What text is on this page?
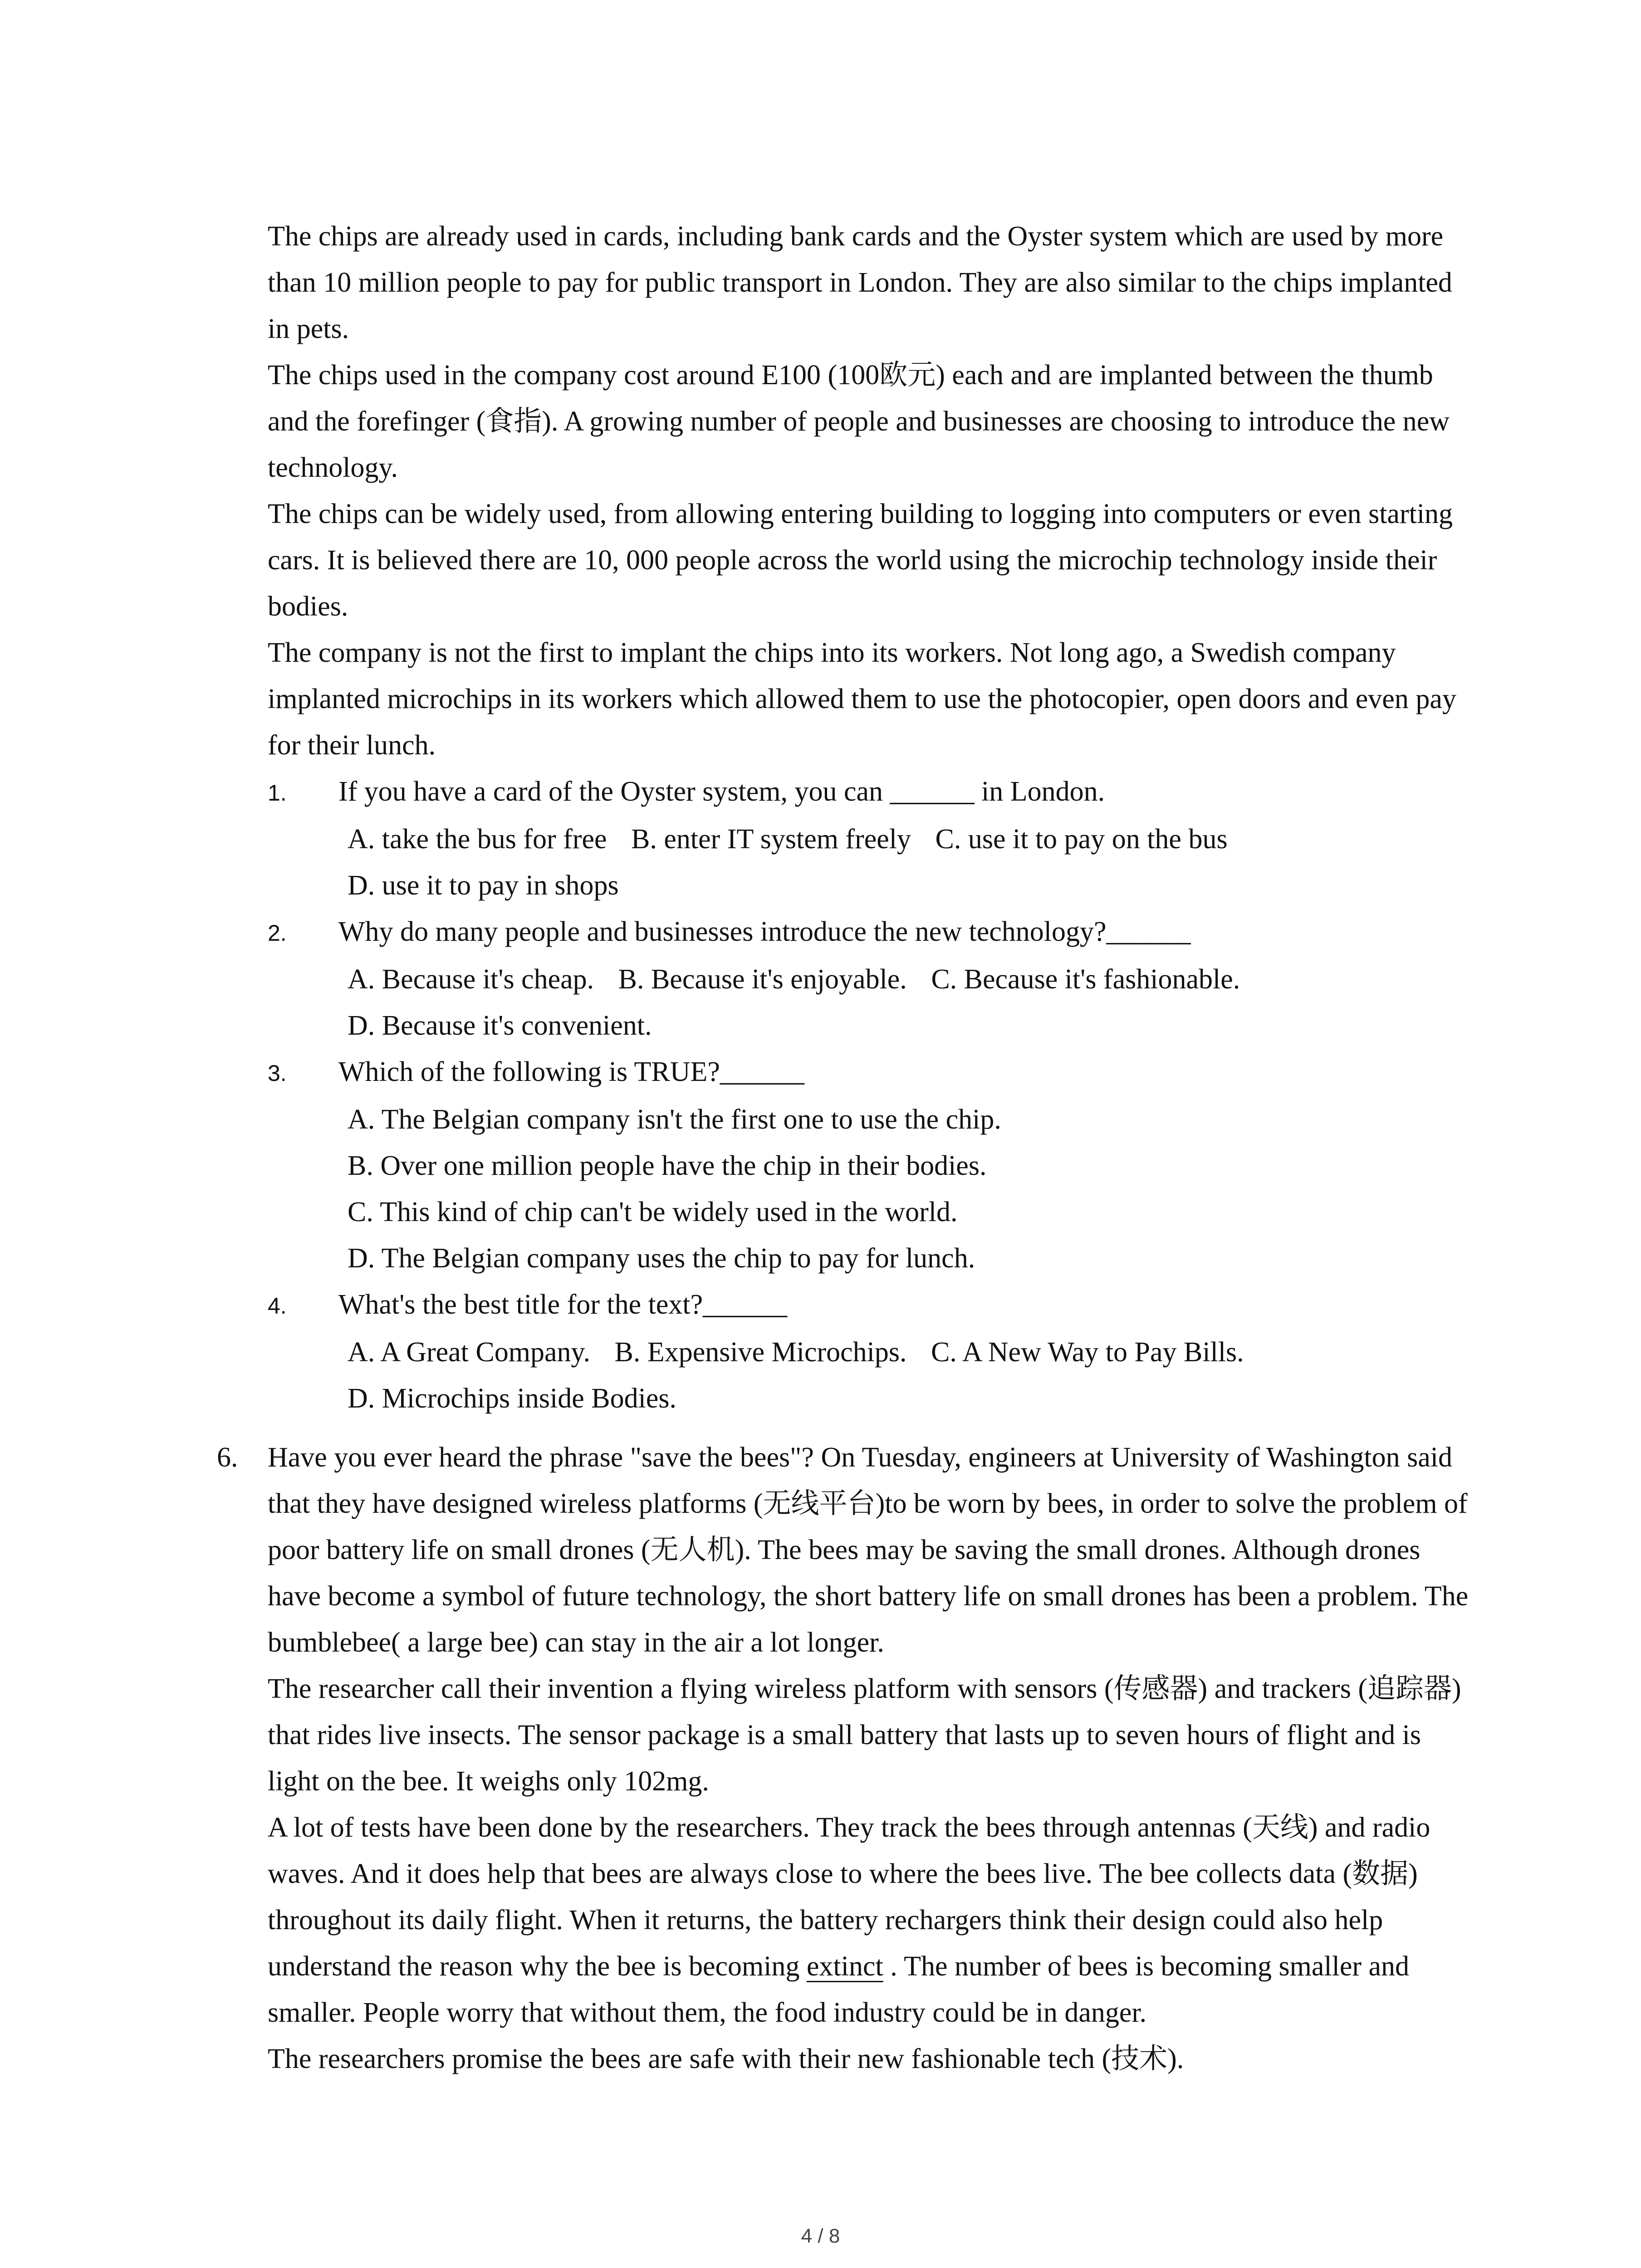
The chips are already used in cards, including bank cards and the Oyster system which are used by more than 10 million people to pay for public transport in London. They are also similar to the chips implanted in pets.

The chips used in the company cost around E100 (100欧元) each and are implanted between the thumb and the forefinger (食指). A growing number of people and businesses are choosing to introduce the new technology.

The chips can be widely used, from allowing entering building to logging into computers or even starting cars. It is believed there are 10, 000 people across the world using the microchip technology inside their bodies.

The company is not the first to implant the chips into its workers. Not long ago, a Swedish company implanted microchips in its workers which allowed them to use the photocopier, open doors and even pay for their lunch.

1.	If you have a card of the Oyster system, you can ______ in London.
A. take the bus for free B. enter IT system freely C. use it to pay on the bus
D. use it to pay in shops
2.	Why do many people and businesses introduce the new technology?______
A. Because it's cheap. B. Because it's enjoyable. C. Because it's fashionable.
D. Because it's convenient.
3.	Which of the following is TRUE?______
A. The Belgian company isn't the first one to use the chip.
B. Over one million people have the chip in their bodies.
C. This kind of chip can't be widely used in the world.
D. The Belgian company uses the chip to pay for lunch.
4.	What's the best title for the text?______
A. A Great Company. B. Expensive Microchips. C. A New Way to Pay Bills.
D. Microchips inside Bodies.

6. Have you ever heard the phrase "save the bees"? On Tuesday, engineers at University of Washington said that they have designed wireless platforms (无线平台)to be worn by bees, in order to solve the problem of poor battery life on small drones (无人机). The bees may be saving the small drones. Although drones have become a symbol of future technology, the short battery life on small drones has been a problem. The bumblebee( a large bee) can stay in the air a lot longer.

The researcher call their invention a flying wireless platform with sensors (传感器) and trackers (追踪器) that rides live insects. The sensor package is a small battery that lasts up to seven hours of flight and is light on the bee. It weighs only 102mg.

A lot of tests have been done by the researchers. They track the bees through antennas (天线) and radio waves. And it does help that bees are always close to where the bees live. The bee collects data (数据) throughout its daily flight. When it returns, the battery rechargers think their design could also help understand the reason why the bee is becoming extinct . The number of bees is becoming smaller and smaller. People worry that without them, the food industry could be in danger.

The researchers promise the bees are safe with their new fashionable tech (技术).

4 / 8
